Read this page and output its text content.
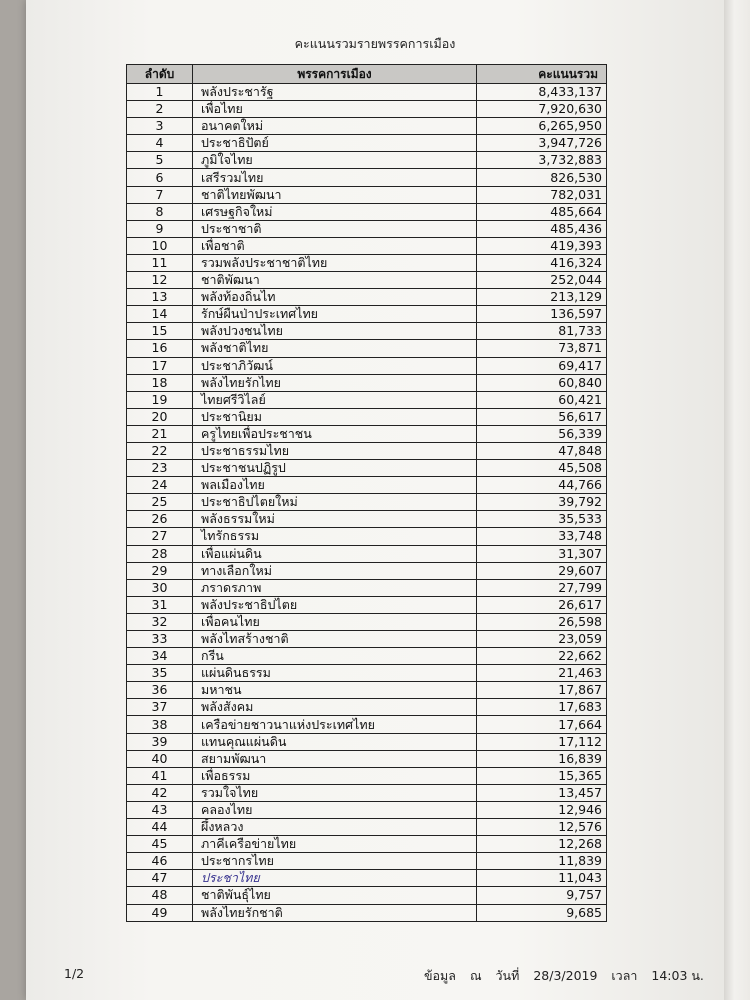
คะแนนรวมรายพรรคการเมือง
ลำดับ	พรรคการเมือง	คะแนนรวม
1	พลังประชารัฐ	8,433,137
2	เพื่อไทย	7,920,630
3	อนาคตใหม่	6,265,950
4	ประชาธิปัตย์	3,947,726
5	ภูมิใจไทย	3,732,883
6	เสรีรวมไทย	826,530
7	ชาติไทยพัฒนา	782,031
8	เศรษฐกิจใหม่	485,664
9	ประชาชาติ	485,436
10	เพื่อชาติ	419,393
11	รวมพลังประชาชาติไทย	416,324
12	ชาติพัฒนา	252,044
13	พลังท้องถิ่นไท	213,129
14	รักษ์ผืนป่าประเทศไทย	136,597
15	พลังปวงชนไทย	81,733
16	พลังชาติไทย	73,871
17	ประชาภิวัฒน์	69,417
18	พลังไทยรักไทย	60,840
19	ไทยศรีวิไลย์	60,421
20	ประชานิยม	56,617
21	ครูไทยเพื่อประชาชน	56,339
22	ประชาธรรมไทย	47,848
23	ประชาชนปฏิรูป	45,508
24	พลเมืองไทย	44,766
25	ประชาธิปไตยใหม่	39,792
26	พลังธรรมใหม่	35,533
27	ไทรักธรรม	33,748
28	เพื่อแผ่นดิน	31,307
29	ทางเลือกใหม่	29,607
30	ภราดรภาพ	27,799
31	พลังประชาธิปไตย	26,617
32	เพื่อคนไทย	26,598
33	พลังไทสร้างชาติ	23,059
34	กรีน	22,662
35	แผ่นดินธรรม	21,463
36	มหาชน	17,867
37	พลังสังคม	17,683
38	เครือข่ายชาวนาแห่งประเทศไทย	17,664
39	แทนคุณแผ่นดิน	17,112
40	สยามพัฒนา	16,839
41	เพื่อธรรม	15,365
42	รวมใจไทย	13,457
43	คลองไทย	12,946
44	ผึ้งหลวง	12,576
45	ภาคีเครือข่ายไทย	12,268
46	ประชากรไทย	11,839
47	ประชาไทย	11,043
48	ชาติพันธุ์ไทย	9,757
49	พลังไทยรักชาติ	9,685
1/2	ข้อมูล ณ วันที่ 28/3/2019 เวลา 14:03 น.
